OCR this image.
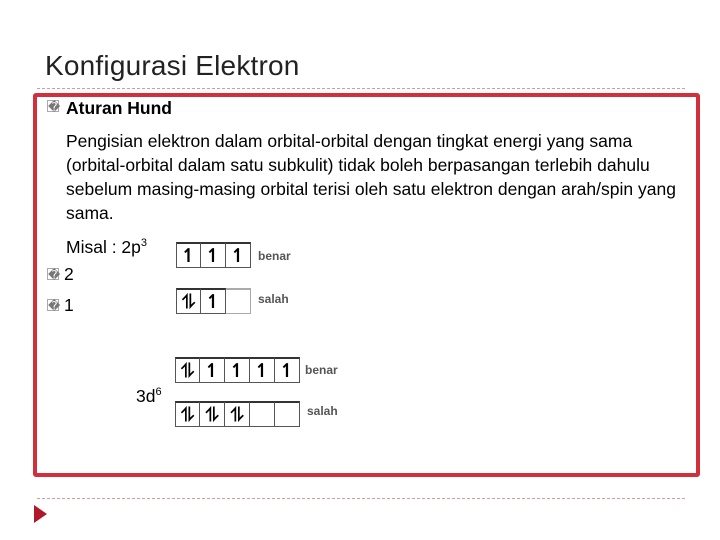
Konfigurasi Elektron
� Aturan Hund
Pengisian elektron dalam orbital-orbital dengan tingkat energi yang sama (orbital-orbital dalam satu subkulit) tidak boleh berpasangan terlebih dahulu sebelum masing-masing orbital terisi oleh satu elektron dengan arah/spin yang sama.
Misal : $2p^3$
� 2
� 1
↿ ↿ ↿	benar
⥮ ↿	salah
$3d^6$
⥮ ↿ ↿ ↿ ↿ benar
⥮ ⥮ ⥮	salah
